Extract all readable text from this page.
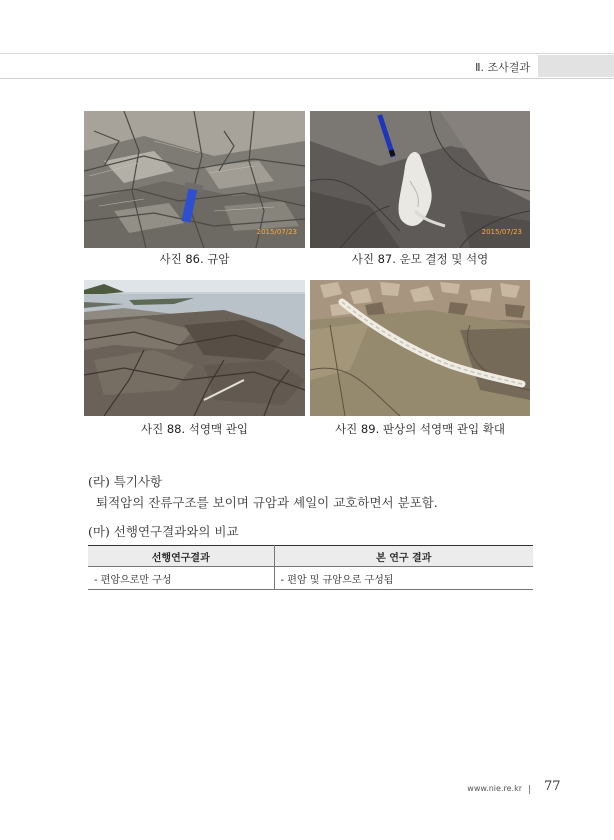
Ⅱ. 조사결과
2015/07/23
사진 86. 규암
2015/07/23
사진 87. 운모 결정 및 석영
사진 88. 석영맥 관입	사진 89. 판상의 석영맥 관입 확대
(라) 특기사항
퇴적암의 잔류구조를 보이며 규암과 셰일이 교호하면서 분포함.
(마) 선행연구결과와의 비교
선행연구결과	본 연구 결과
- 편암으로만 구성	- 편암 및 규암으로 구성됨
www.nie.re.kr 77
